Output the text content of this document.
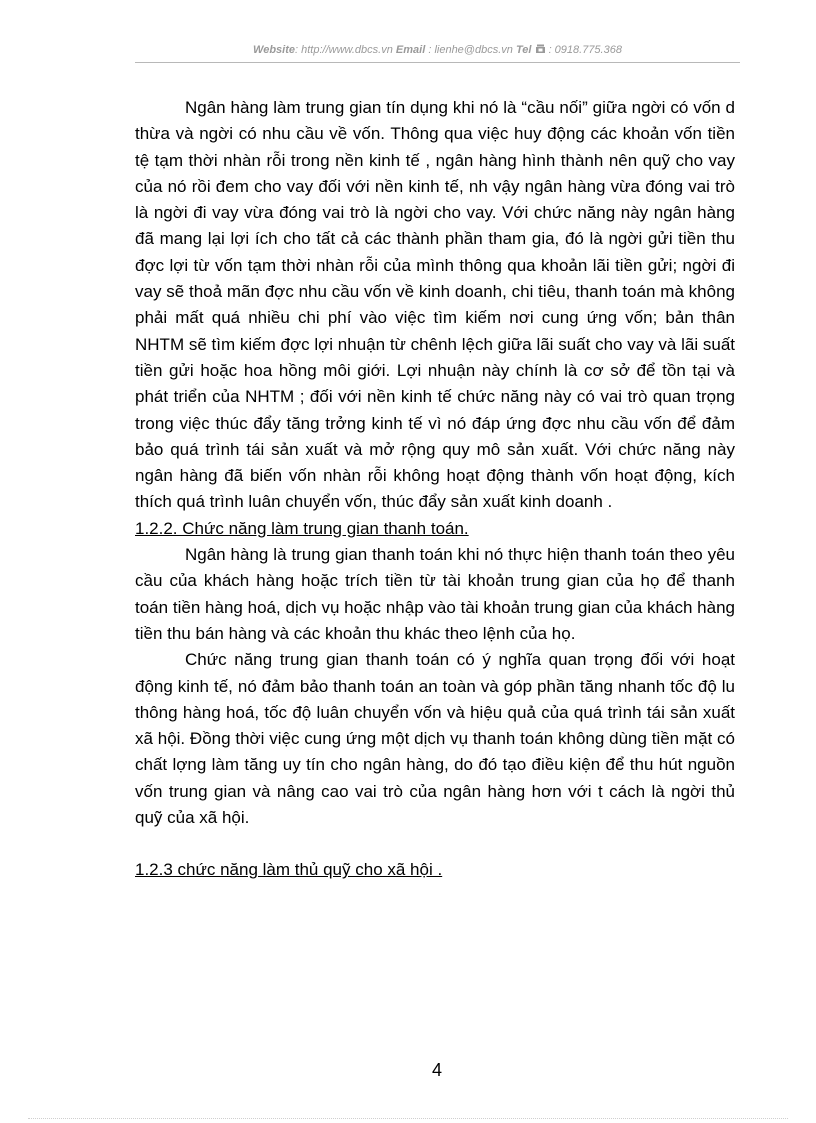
Website: http://www.dbcs.vn Email : lienhe@dbcs.vn Tel : 0918.775.368

Ngân hàng làm trung gian tín dụng khi nó là “cầu nối” giữa ngời có vốn d thừa và ngời có nhu cầu về vốn. Thông qua việc huy động các khoản vốn tiền tệ tạm thời nhàn rỗi trong nền kinh tế , ngân hàng hình thành nên quỹ cho vay của nó rồi đem cho vay đối với nền kinh tế, nh vậy ngân hàng vừa đóng vai trò là ngời đi vay vừa đóng vai trò là ngời cho vay. Với chức năng này ngân hàng đã mang lại lợi ích cho tất cả các thành phần tham gia, đó là ngời gửi tiền thu đợc lợi từ vốn tạm thời nhàn rỗi của mình thông qua khoản lãi tiền gửi; ngời đi vay sẽ thoả mãn đợc nhu cầu vốn về kinh doanh, chi tiêu, thanh toán mà không phải mất quá nhiều chi phí vào việc tìm kiếm nơi cung ứng vốn; bản thân NHTM sẽ tìm kiếm đợc lợi nhuận từ chênh lệch giữa lãi suất cho vay và lãi suất tiền gửi hoặc hoa hồng môi giới. Lợi nhuận này chính là cơ sở để tồn tại và phát triển của NHTM ; đối với nền kinh tế chức năng này có vai trò quan trọng trong việc thúc đẩy tăng trởng kinh tế vì nó đáp ứng đợc nhu cầu vốn để đảm bảo quá trình tái sản xuất và mở rộng quy mô sản xuất. Với chức năng này ngân hàng đã biến vốn nhàn rỗi không hoạt động thành vốn hoạt động, kích thích quá trình luân chuyển vốn, thúc đẩy sản xuất kinh doanh .

1.2.2. Chức năng làm trung gian thanh toán.

Ngân hàng là trung gian thanh toán khi nó thực hiện thanh toán theo yêu cầu của khách hàng hoặc trích tiền từ tài khoản trung gian của họ để thanh toán tiền hàng hoá, dịch vụ hoặc nhập vào tài khoản trung gian của khách hàng tiền thu bán hàng và các khoản thu khác theo lệnh của họ.

Chức năng trung gian thanh toán có ý nghĩa quan trọng đối với hoạt động kinh tế, nó đảm bảo thanh toán an toàn và góp phần tăng nhanh tốc độ lu thông hàng hoá, tốc độ luân chuyển vốn và hiệu quả của quá trình tái sản xuất xã hội. Đồng thời việc cung ứng một dịch vụ thanh toán không dùng tiền mặt có chất lợng làm tăng uy tín cho ngân hàng, do đó tạo điều kiện để thu hút nguồn vốn trung gian và nâng cao vai trò của ngân hàng hơn với t cách là ngời thủ quỹ của xã hội.

1.2.3 chức năng làm thủ quỹ cho xã hội .

4
